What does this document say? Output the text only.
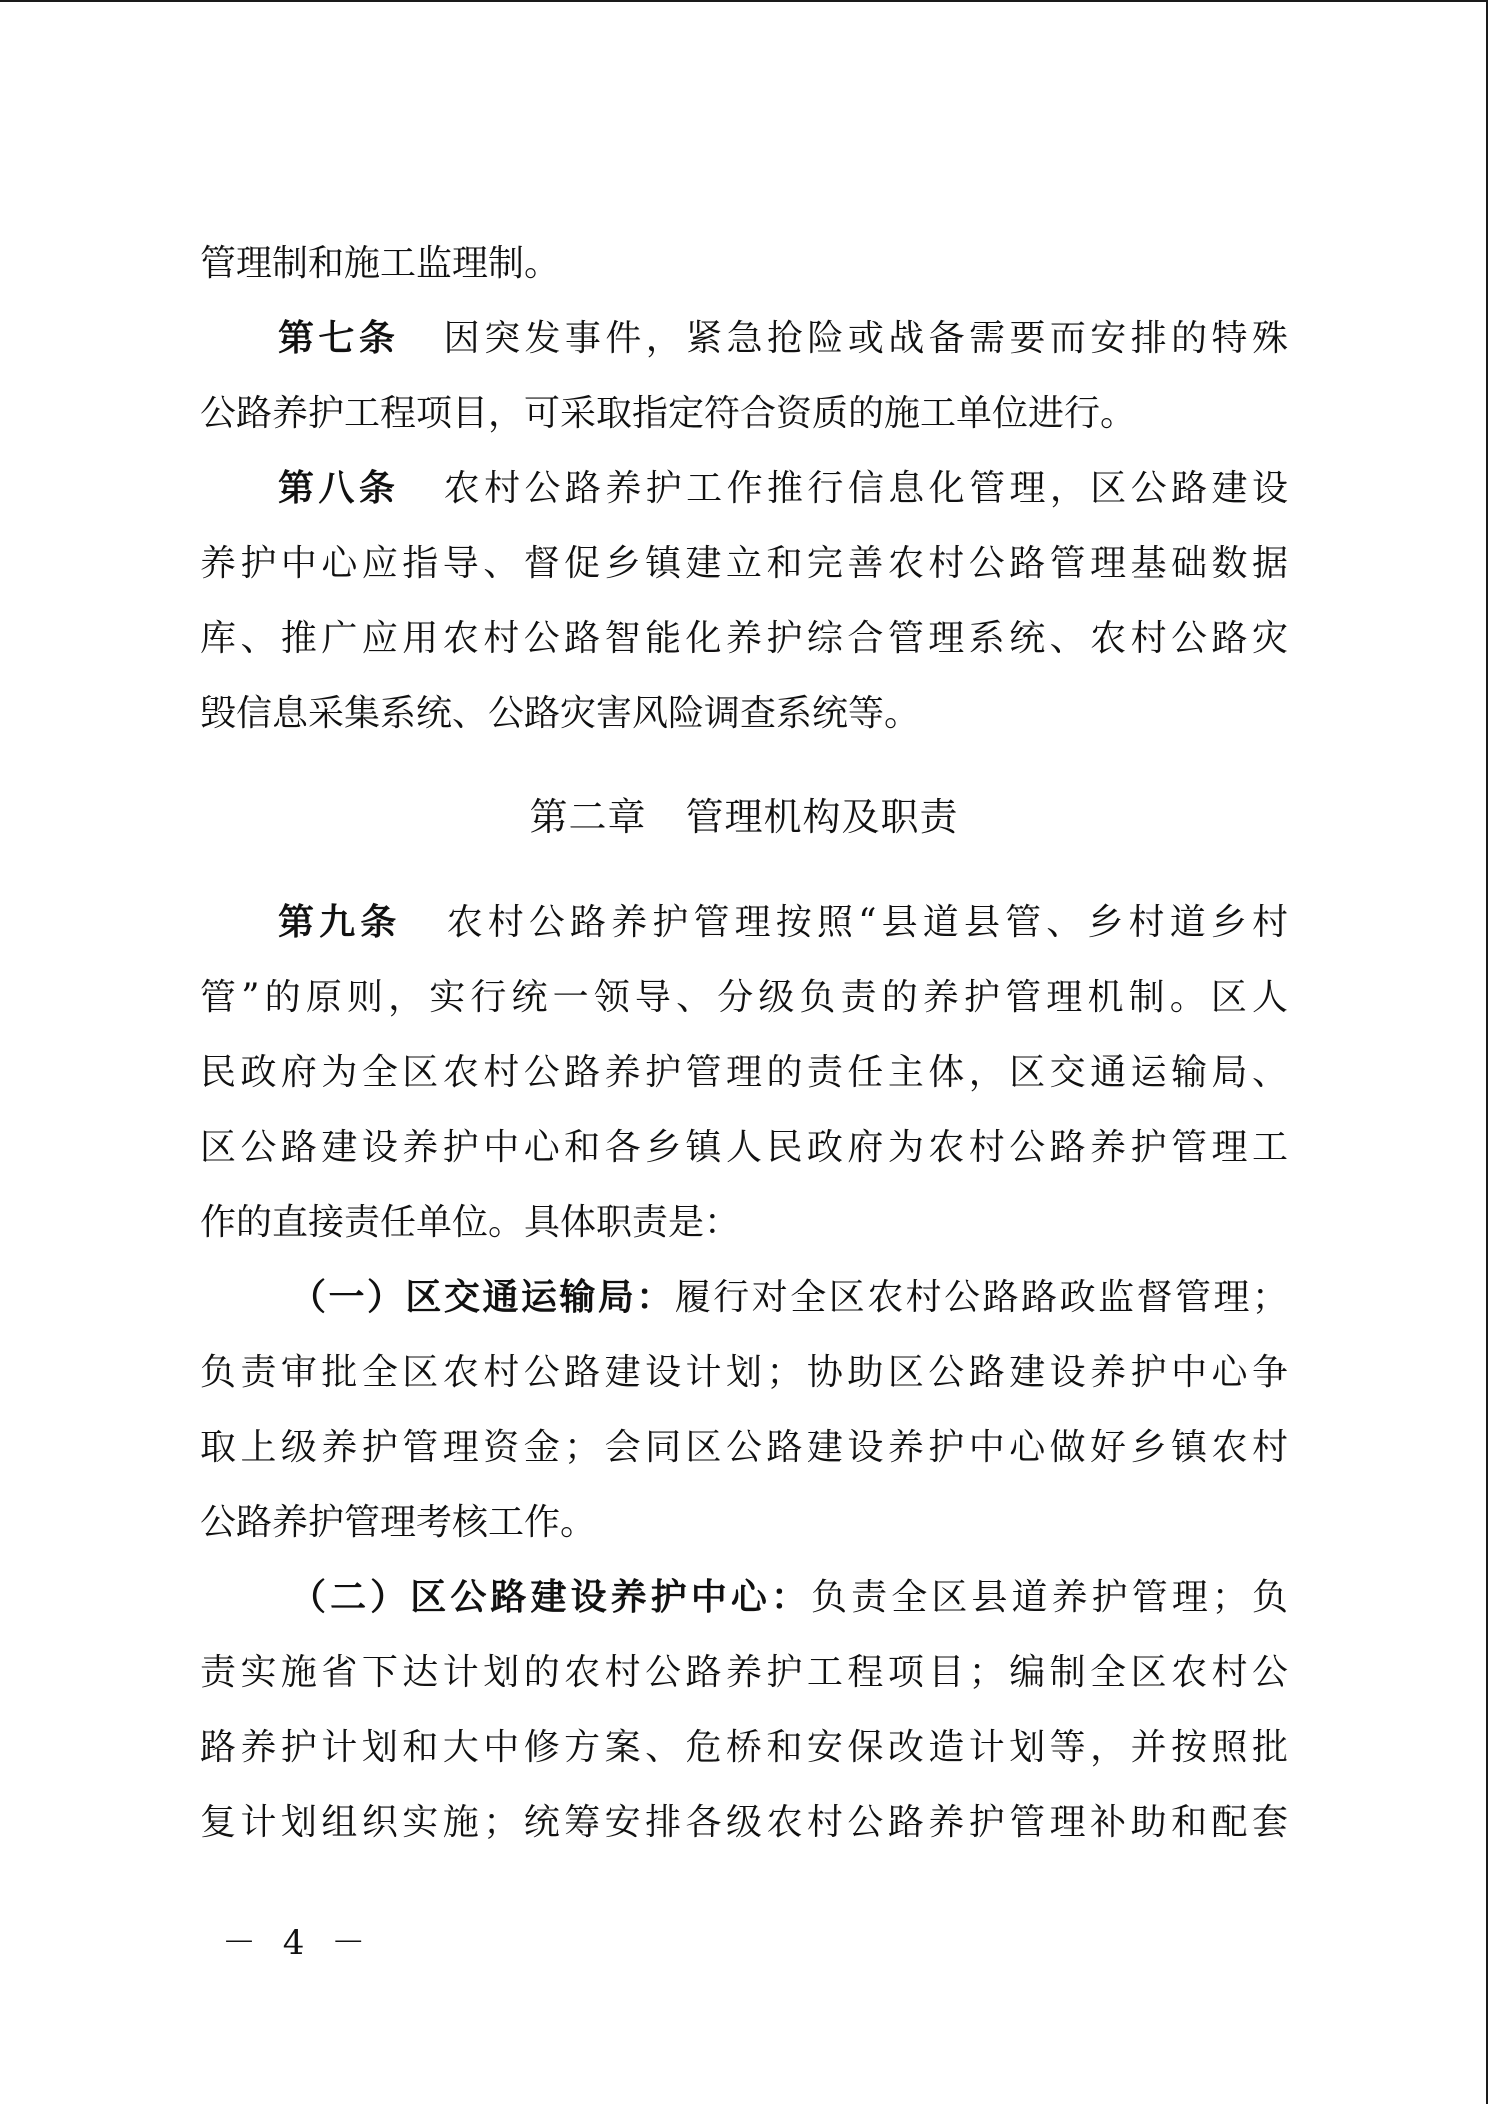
管理制和施工监理制。
第七条 因突发事件，紧急抢险或战备需要而安排的特殊
公路养护工程项目，可采取指定符合资质的施工单位进行。
第八条 农村公路养护工作推行信息化管理，区公路建设
养护中心应指导、督促乡镇建立和完善农村公路管理基础数据
库、推广应用农村公路智能化养护综合管理系统、农村公路灾
毁信息采集系统、公路灾害风险调查系统等。
第二章　管理机构及职责
第九条 农村公路养护管理按照“县道县管、乡村道乡村
管”的原则，实行统一领导、分级负责的养护管理机制。区人
民政府为全区农村公路养护管理的责任主体，区交通运输局、
区公路建设养护中心和各乡镇人民政府为农村公路养护管理工
作的直接责任单位。具体职责是：
（一）区交通运输局：履行对全区农村公路路政监督管理；
负责审批全区农村公路建设计划；协助区公路建设养护中心争
取上级养护管理资金；会同区公路建设养护中心做好乡镇农村
公路养护管理考核工作。
（二）区公路建设养护中心：负责全区县道养护管理；负
责实施省下达计划的农村公路养护工程项目；编制全区农村公
路养护计划和大中修方案、危桥和安保改造计划等，并按照批
复计划组织实施；统筹安排各级农村公路养护管理补助和配套
－ 4 －
